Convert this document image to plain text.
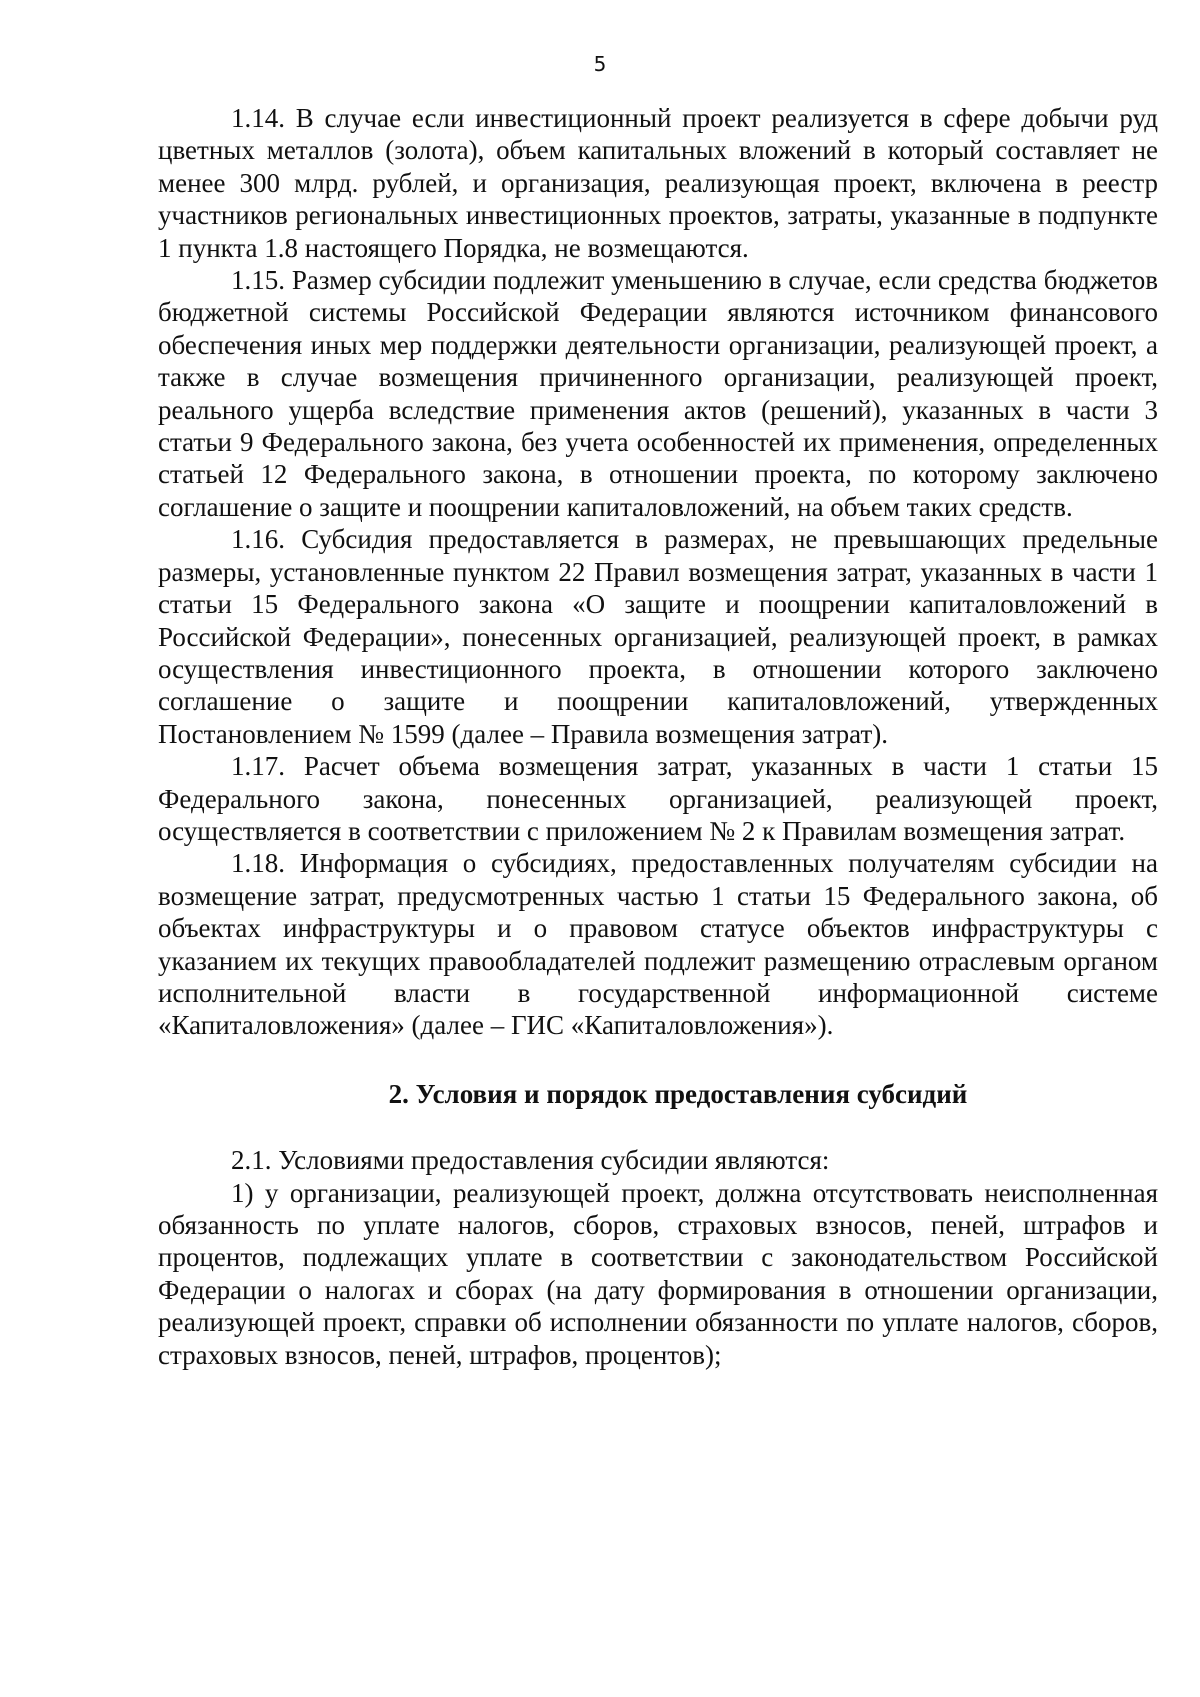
5

1.14. В случае если инвестиционный проект реализуется в сфере добычи руд цветных металлов (золота), объем капитальных вложений в который составляет не менее 300 млрд. рублей, и организация, реализующая проект, включена в реестр участников региональных инвестиционных проектов, затраты, указанные в подпункте 1 пункта 1.8 настоящего Порядка, не возмещаются.

1.15. Размер субсидии подлежит уменьшению в случае, если средства бюджетов бюджетной системы Российской Федерации являются источником финансового обеспечения иных мер поддержки деятельности организации, реализующей проект, а также в случае возмещения причиненного организации, реализующей проект, реального ущерба вследствие применения актов (решений), указанных в части 3 статьи 9 Федерального закона, без учета особенностей их применения, определенных статьей 12 Федерального закона, в отношении проекта, по которому заключено соглашение о защите и поощрении капиталовложений, на объем таких средств.

1.16. Субсидия предоставляется в размерах, не превышающих предельные размеры, установленные пунктом 22 Правил возмещения затрат, указанных в части 1 статьи 15 Федерального закона «О защите и поощрении капиталовложений в Российской Федерации», понесенных организацией, реализующей проект, в рамках осуществления инвестиционного проекта, в отношении которого заключено соглашение о защите и поощрении капиталовложений, утвержденных Постановлением № 1599 (далее – Правила возмещения затрат).

1.17. Расчет объема возмещения затрат, указанных в части 1 статьи 15 Федерального закона, понесенных организацией, реализующей проект, осуществляется в соответствии с приложением № 2 к Правилам возмещения затрат.

1.18. Информация о субсидиях, предоставленных получателям субсидии на возмещение затрат, предусмотренных частью 1 статьи 15 Федерального закона, об объектах инфраструктуры и о правовом статусе объектов инфраструктуры с указанием их текущих правообладателей подлежит размещению отраслевым органом исполнительной власти в государственной информационной системе «Капиталовложения» (далее – ГИС «Капиталовложения»).

2. Условия и порядок предоставления субсидий

2.1. Условиями предоставления субсидии являются:

1) у организации, реализующей проект, должна отсутствовать неисполненная обязанность по уплате налогов, сборов, страховых взносов, пеней, штрафов и процентов, подлежащих уплате в соответствии с законодательством Российской Федерации о налогах и сборах (на дату формирования в отношении организации, реализующей проект, справки об исполнении обязанности по уплате налогов, сборов, страховых взносов, пеней, штрафов, процентов);
